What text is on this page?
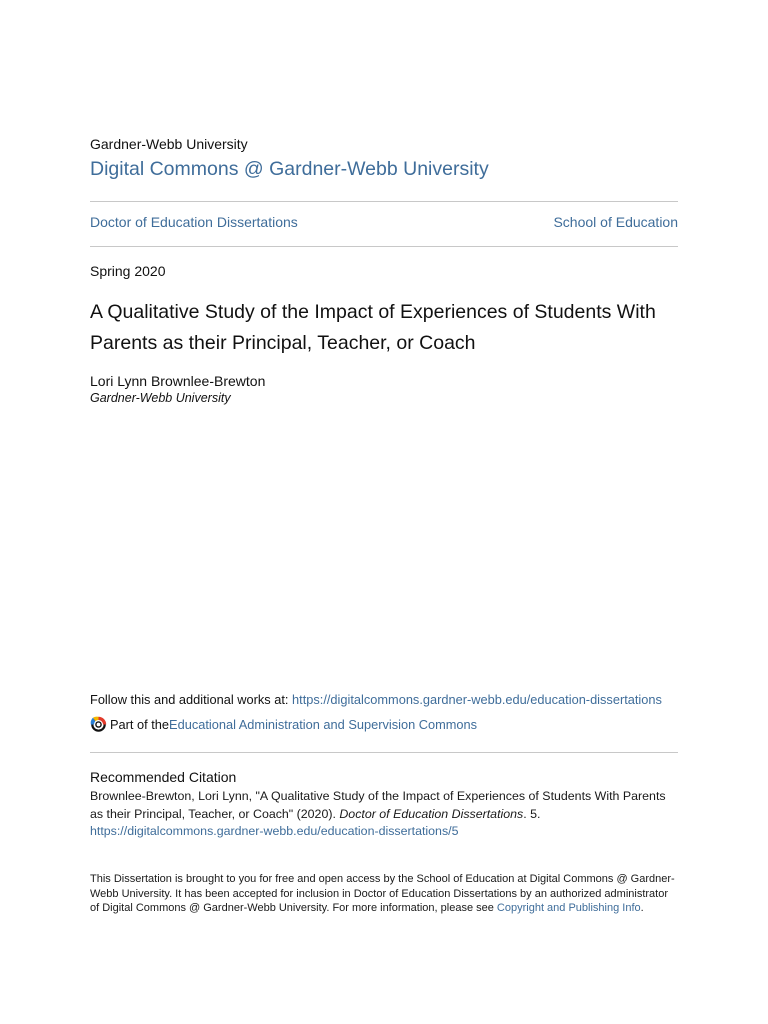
Gardner-Webb University
Digital Commons @ Gardner-Webb University
Doctor of Education Dissertations	School of Education
Spring 2020
A Qualitative Study of the Impact of Experiences of Students With Parents as their Principal, Teacher, or Coach
Lori Lynn Brownlee-Brewton
Gardner-Webb University
Follow this and additional works at: https://digitalcommons.gardner-webb.edu/education-dissertations
Part of the Educational Administration and Supervision Commons
Recommended Citation
Brownlee-Brewton, Lori Lynn, "A Qualitative Study of the Impact of Experiences of Students With Parents as their Principal, Teacher, or Coach" (2020). Doctor of Education Dissertations. 5.
https://digitalcommons.gardner-webb.edu/education-dissertations/5
This Dissertation is brought to you for free and open access by the School of Education at Digital Commons @ Gardner-Webb University. It has been accepted for inclusion in Doctor of Education Dissertations by an authorized administrator of Digital Commons @ Gardner-Webb University. For more information, please see Copyright and Publishing Info.
